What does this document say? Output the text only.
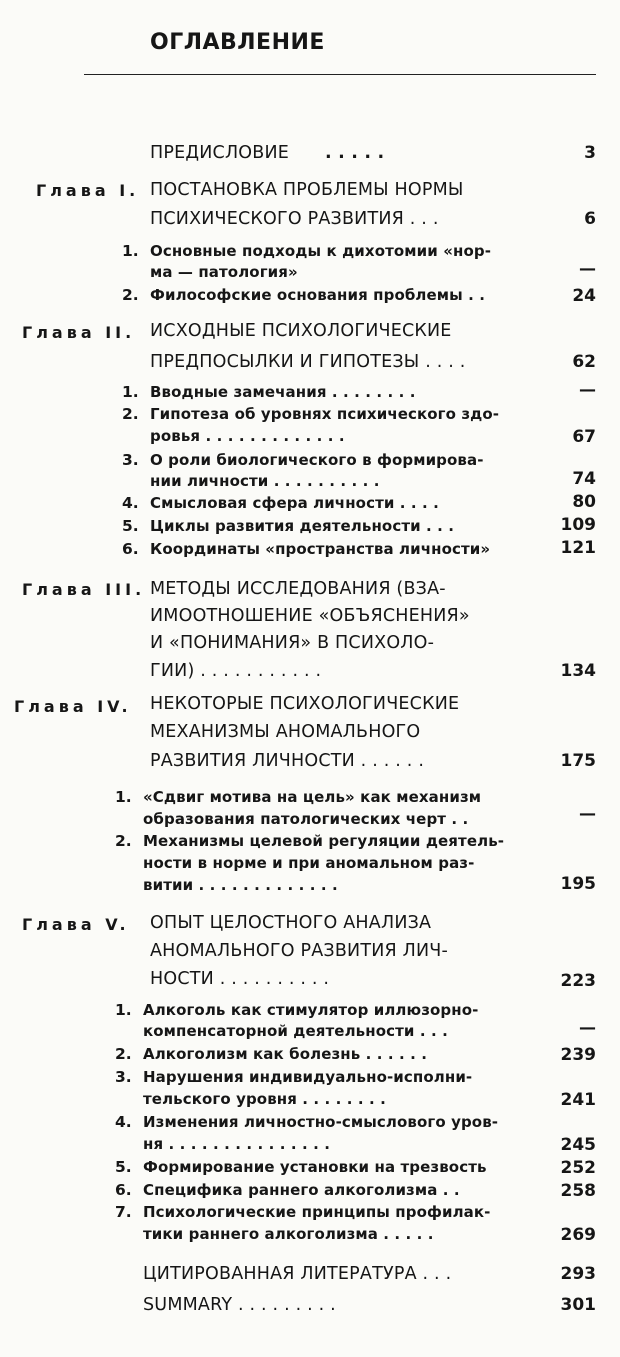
ОГЛАВЛЕНИЕ
ПРЕДИСЛОВИЕ . . . . .	3
Глава I. ПОСТАНОВКА ПРОБЛЕМЫ НОРМЫ
ПСИХИЧЕСКОГО РАЗВИТИЯ . . .	6
1. Основные подходы к дихотомии «нор-
ма — патология»	—
2. Философские основания проблемы . .	24
Глава II. ИСХОДНЫЕ ПСИХОЛОГИЧЕСКИЕ
ПРЕДПОСЫЛКИ И ГИПОТЕЗЫ . . . .	62
1. Вводные замечания . . . . . . . .	—
2. Гипотеза об уровнях психического здо-
ровья . . . . . . . . . . . . .	67
3. О роли биологического в формирова-
нии личности . . . . . . . . . .	74
4. Смысловая сфера личности . . . .	80
5. Циклы развития деятельности . . .	109
6. Координаты «пространства личности»	121
Глава III. МЕТОДЫ ИССЛЕДОВАНИЯ (ВЗА-
ИМООТНОШЕНИЕ «ОБЪЯСНЕНИЯ»
И «ПОНИМАНИЯ» В ПСИХОЛО-
ГИИ) . . . . . . . . . . .	134
Глава IV. НЕКОТОРЫЕ ПСИХОЛОГИЧЕСКИЕ
МЕХАНИЗМЫ АНОМАЛЬНОГО
РАЗВИТИЯ ЛИЧНОСТИ . . . . . .	175
1. «Сдвиг мотива на цель» как механизм
образования патологических черт . .	—
2. Механизмы целевой регуляции деятель-
ности в норме и при аномальном раз-
витии . . . . . . . . . . . . .	195
Глава V. ОПЫТ ЦЕЛОСТНОГО АНАЛИЗА
АНОМАЛЬНОГО РАЗВИТИЯ ЛИЧ-
НОСТИ . . . . . . . . . .	223
1. Алкоголь как стимулятор иллюзорно-
компенсаторной деятельности . . .	—
2. Алкоголизм как болезнь . . . . . .	239
3. Нарушения индивидуально-исполни-
тельского уровня . . . . . . . .	241
4. Изменения личностно-смыслового уров-
ня . . . . . . . . . . . . . . .	245
5. Формирование установки на трезвость	252
6. Специфика раннего алкоголизма . .	258
7. Психологические принципы профилак-
тики раннего алкоголизма . . . . .	269
ЦИТИРОВАННАЯ ЛИТЕРАТУРА . . .	293
SUMMARY . . . . . . . . .	301
